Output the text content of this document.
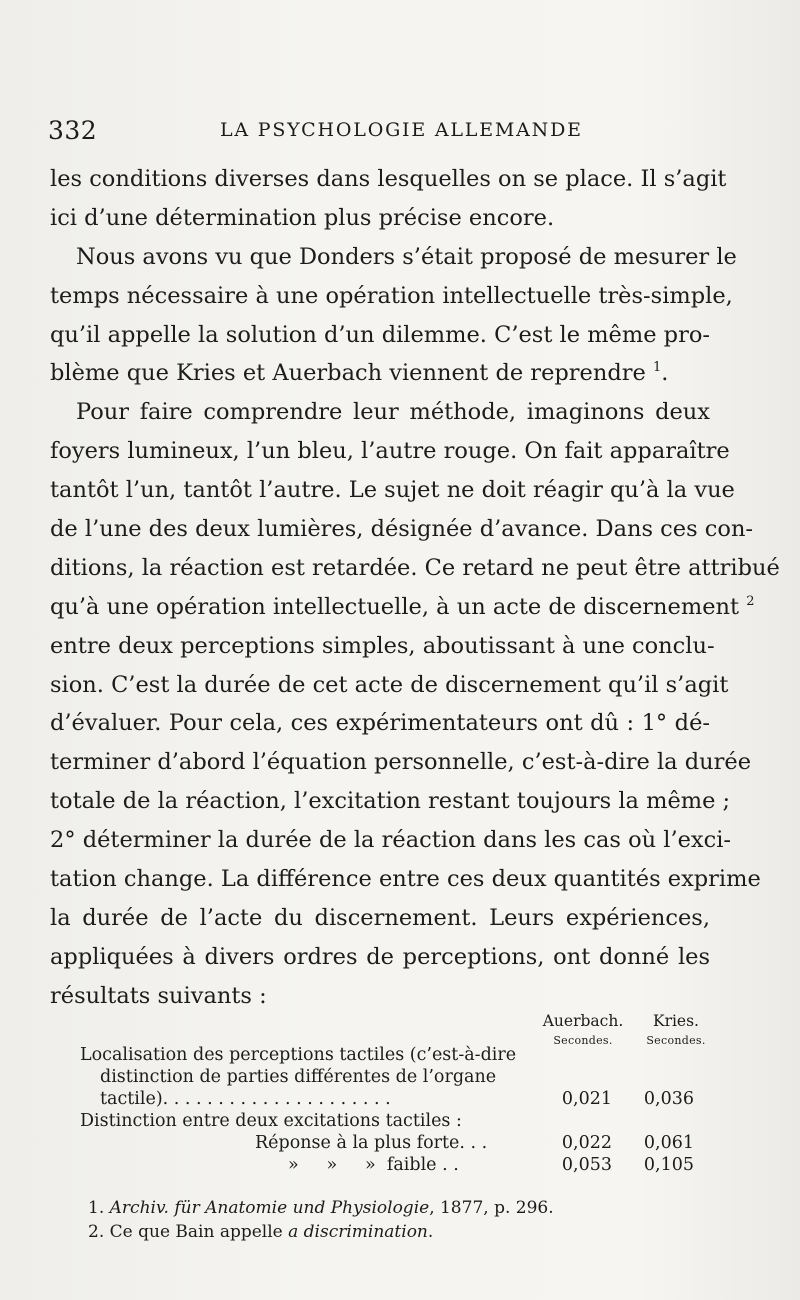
332	LA PSYCHOLOGIE ALLEMANDE
les conditions diverses dans lesquelles on se place. Il s’agit
ici d’une détermination plus précise encore.
Nous avons vu que Donders s’était proposé de mesurer le
temps nécessaire à une opération intellectuelle très-simple,
qu’il appelle la solution d’un dilemme. C’est le même pro-
blème que Kries et Auerbach viennent de reprendre $^1$.
Pour faire comprendre leur méthode, imaginons deux
foyers lumineux, l’un bleu, l’autre rouge. On fait apparaître
tantôt l’un, tantôt l’autre. Le sujet ne doit réagir qu’à la vue
de l’une des deux lumières, désignée d’avance. Dans ces con-
ditions, la réaction est retardée. Ce retard ne peut être attribué
qu’à une opération intellectuelle, à un acte de discernement $^2$
entre deux perceptions simples, aboutissant à une conclu-
sion. C’est la durée de cet acte de discernement qu’il s’agit
d’évaluer. Pour cela, ces expérimentateurs ont dû : 1° dé-
terminer d’abord l’équation personnelle, c’est-à-dire la durée
totale de la réaction, l’excitation restant toujours la même ;
2° déterminer la durée de la réaction dans les cas où l’exci-
tation change. La différence entre ces deux quantités exprime
la durée de l’acte du discernement. Leurs expériences,
appliquées à divers ordres de perceptions, ont donné les
résultats suivants :
Auerbach.	Kries.
Secondes.	Secondes.
Localisation des perceptions tactiles (c’est-à-dire
distinction de parties différentes de l’organe
tactile). . . . . . . . . . . . . . . . . . . . .	0,021	0,036
Distinction entre deux excitations tactiles :
Réponse à la plus forte. . .	0,022	0,061
»     »     »  faible . .	0,053	0,105
1. Archiv. für Anatomie und Physiologie, 1877, p. 296.
2. Ce que Bain appelle a discrimination.
